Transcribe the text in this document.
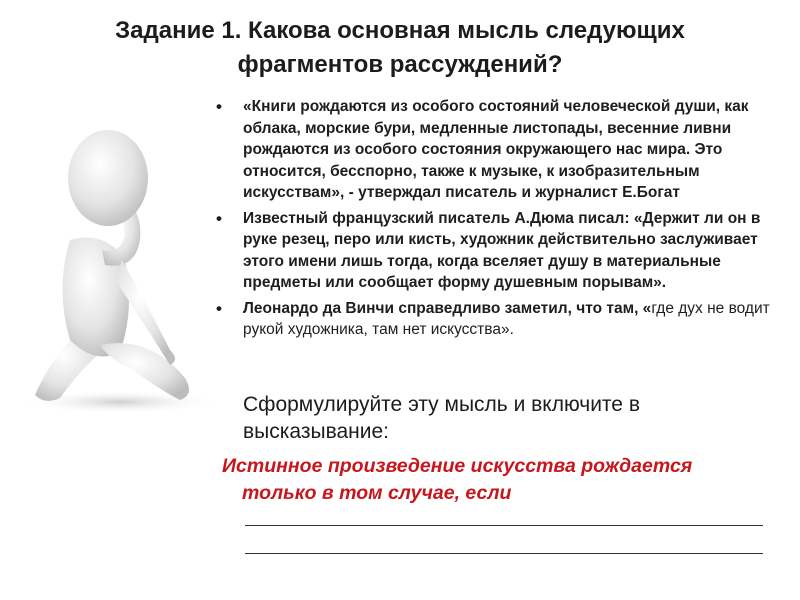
Задание 1. Какова основная мысль следующих
фрагментов рассуждений?
• «Книги рождаются из особого состояний человеческой души, как облака, морские бури, медленные листопады, весенние ливни рождаются из особого состояния окружающего нас мира. Это относится, бесспорно, также к музыке, к изобразительным искусствам», - утверждал писатель и журналист Е.Богат
• Известный французский писатель А.Дюма писал: «Держит ли он в руке резец, перо или кисть, художник действительно заслуживает этого имени лишь тогда, когда вселяет душу в материальные предметы или сообщает форму душевным порывам».
• Леонардо да Винчи справедливо заметил, что там, «где дух не водит рукой художника, там нет искусства».
Сформулируйте эту мысль и включите в высказывание:
Истинное произведение искусства рождается
только в том случае, если
